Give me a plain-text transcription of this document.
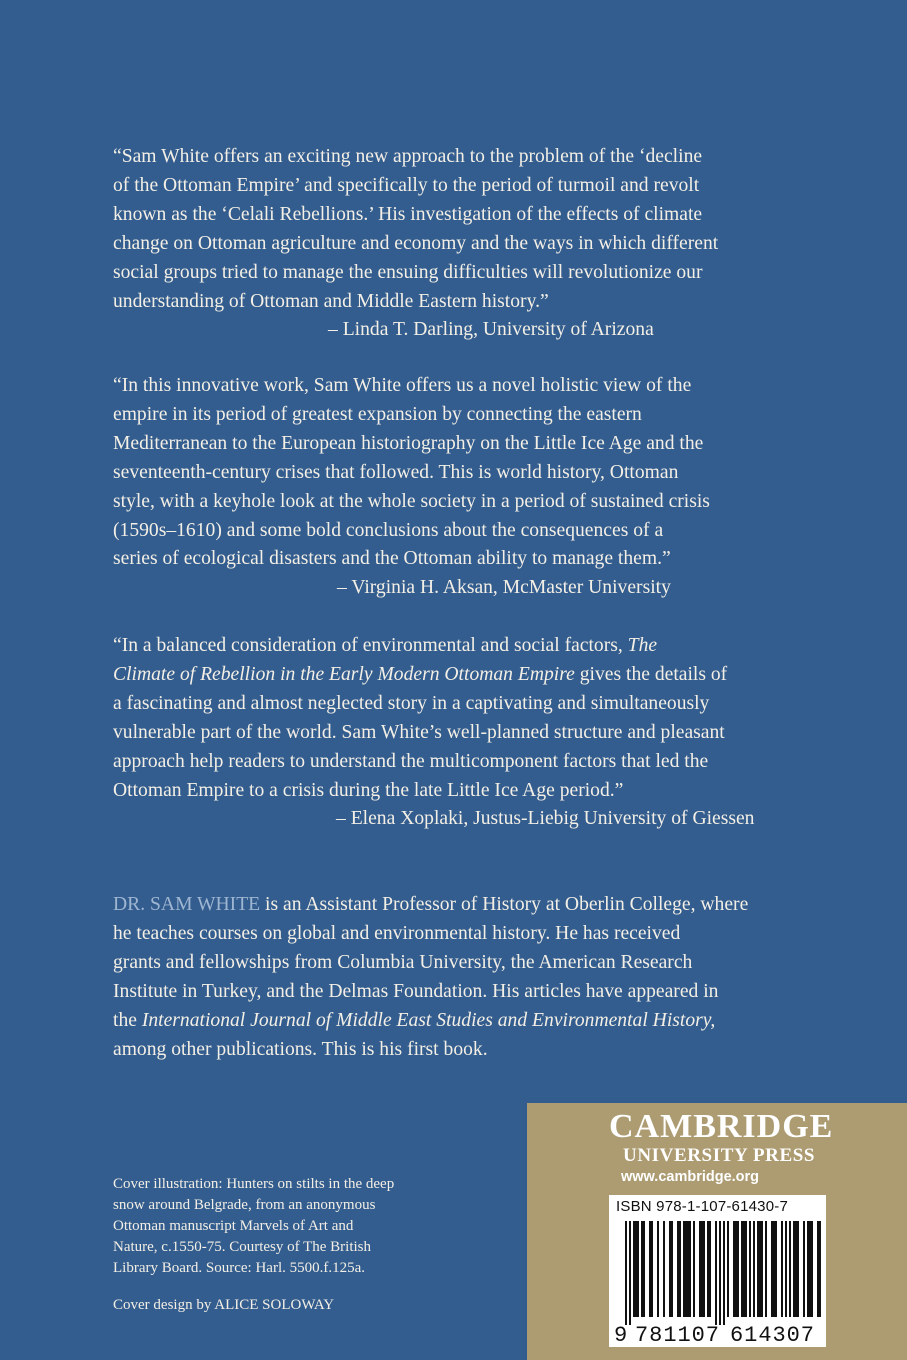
“Sam White offers an exciting new approach to the problem of the ‘decline

of the Ottoman Empire’ and specifically to the period of turmoil and revolt

known as the ‘Celali Rebellions.’ His investigation of the effects of climate

change on Ottoman agriculture and economy and the ways in which different

social groups tried to manage the ensuing difficulties will revolutionize our

understanding of Ottoman and Middle Eastern history.”

– Linda T. Darling, University of Arizona

“In this innovative work, Sam White offers us a novel holistic view of the

empire in its period of greatest expansion by connecting the eastern

Mediterranean to the European historiography on the Little Ice Age and the

seventeenth-century crises that followed. This is world history, Ottoman

style, with a keyhole look at the whole society in a period of sustained crisis

(1590s–1610) and some bold conclusions about the consequences of a

series of ecological disasters and the Ottoman ability to manage them.”

– Virginia H. Aksan, McMaster University

“In a balanced consideration of environmental and social factors, The

Climate of Rebellion in the Early Modern Ottoman Empire gives the details of

a fascinating and almost neglected story in a captivating and simultaneously

vulnerable part of the world. Sam White’s well-planned structure and pleasant

approach help readers to understand the multicomponent factors that led the

Ottoman Empire to a crisis during the late Little Ice Age period.”

– Elena Xoplaki, Justus-Liebig University of Giessen

DR. SAM WHITE is an Assistant Professor of History at Oberlin College, where
he teaches courses on global and environmental history. He has received
grants and fellowships from Columbia University, the American Research
Institute in Turkey, and the Delmas Foundation. His articles have appeared in
the International Journal of Middle East Studies and Environmental History,
among other publications. This is his first book.
Cover illustration: Hunters on stilts in the deep
snow around Belgrade, from an anonymous
Ottoman manuscript Marvels of Art and
Nature, c.1550-75. Courtesy of The British
Library Board. Source: Harl. 5500.f.125a.

Cover design by ALICE SOLOWAY

CAMBRIDGE

UNIVERSITY PRESS

www.cambridge.org

ISBN 978-1-107-61430-7

9 781107 614307
